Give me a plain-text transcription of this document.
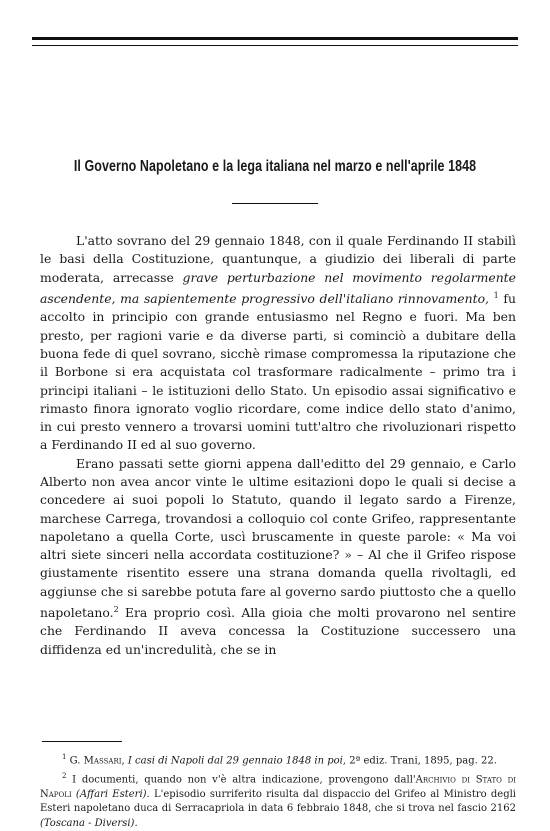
Il Governo Napoletano e la lega italiana nel marzo e nell'aprile 1848

L'atto sovrano del 29 gennaio 1848, con il quale Ferdinando II stabilì le basi della Costituzione, quantunque, a giudizio dei liberali di parte moderata, arrecasse grave perturbazione nel movimento regolarmente ascendente, ma sapientemente progressivo dell'italiano rinnovamento, $^1$ fu accolto in principio con grande entusiasmo nel Regno e fuori. Ma ben presto, per ragioni varie e da diverse parti, si cominciò a dubitare della buona fede di quel sovrano, sicchè rimase compromessa la riputazione che il Borbone si era acquistata col trasformare radicalmente – primo tra i principi italiani – le istituzioni dello Stato. Un episodio assai significativo e rimasto finora ignorato voglio ricordare, come indice dello stato d'animo, in cui presto vennero a trovarsi uomini tutt'altro che rivoluzionari rispetto a Ferdinando II ed al suo governo.

Erano passati sette giorni appena dall'editto del 29 gennaio, e Carlo Alberto non avea ancor vinte le ultime esitazioni dopo le quali si decise a concedere ai suoi popoli lo Statuto, quando il legato sardo a Firenze, marchese Carrega, trovandosi a colloquio col conte Grifeo, rappresentante napoletano a quella Corte, uscì bruscamente in queste parole: « Ma voi altri siete sinceri nella accordata costituzione? » – Al che il Grifeo rispose giustamente risentito essere una strana domanda quella rivoltagli, ed aggiunse che si sarebbe potuta fare al governo sardo piuttosto che a quello napoletano.$^2$ Era proprio così. Alla gioia che molti provarono nel sentire che Ferdinando II aveva concessa la Costituzione successero una diffidenza ed un'incredulità, che se in

$^1$ G. Massari, I casi di Napoli dal 29 gennaio 1848 in poi, 2ª ediz. Trani, 1895, pag. 22.

$^2$ I documenti, quando non v'è altra indicazione, provengono dall'Archivio di Stato di Napoli (Affari Esteri). L'episodio surriferito risulta dal dispaccio del Grifeo al Ministro degli Esteri napoletano duca di Serracapriola in data 6 febbraio 1848, che si trova nel fascio 2162 (Toscana - Diversi).
